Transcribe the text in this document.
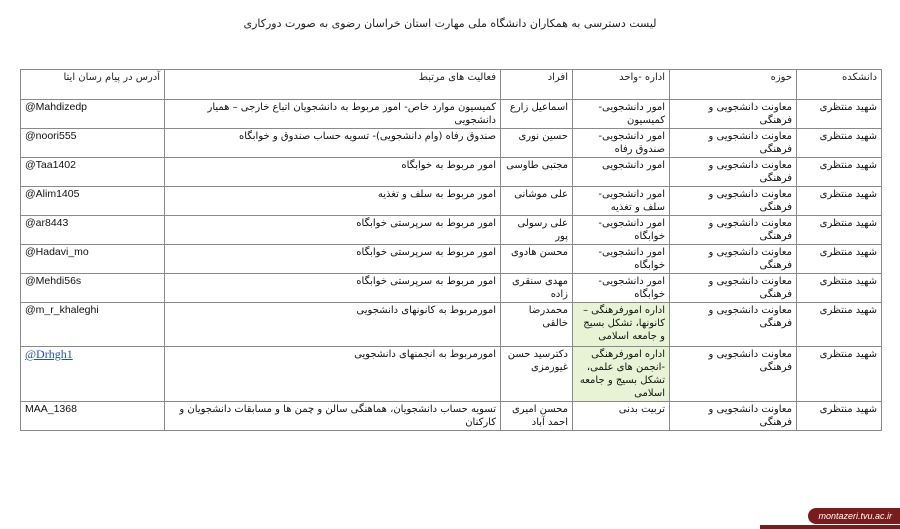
لیست دسترسی به همکاران دانشگاه ملی مهارت استان خراسان رضوی به صورت دورکاری
دانشکده	حوزه	اداره -واحد	افراد	فعالیت های مرتبط	آدرس در پیام رسان ایتا
شهید منتظری	معاونت دانشجویی و فرهنگی	امور دانشجویی- کمیسیون	اسماعیل زارع	کمیسیون موارد خاص- امور مربوط به دانشجویان اتباع خارجی – همیار دانشجویی	@Mahdizedp
شهید منتظری	معاونت دانشجویی و فرهنگی	امور دانشجویی- صندوق رفاه	حسین نوری	صندوق رفاه (وام دانشجویی)- تسویه حساب صندوق و خوابگاه	@noori555
شهید منتظری	معاونت دانشجویی و فرهنگی	امور دانشجویی	مجتبی طاوسی	امور مربوط به خوابگاه	@Taa1402
شهید منتظری	معاونت دانشجویی و فرهنگی	امور دانشجویی- سلف و تغذیه	علی موشانی	امور مربوط به سلف و تغذیه	@Alim1405
شهید منتظری	معاونت دانشجویی و فرهنگی	امور دانشجویی- خوابگاه	علی رسولی پور	امور مربوط به سرپرستی خوابگاه	@ar8443
شهید منتظری	معاونت دانشجویی و فرهنگی	امور دانشجویی- خوابگاه	محسن هادوی	امور مربوط به سرپرستی خوابگاه	@Hadavi_mo
شهید منتظری	معاونت دانشجویی و فرهنگی	امور دانشجویی- خوابگاه	مهدی سنقری زاده	امور مربوط به سرپرستی خوابگاه	@Mehdi56s
شهید منتظری	معاونت دانشجویی و فرهنگی	اداره امورفرهنگی – کانونها، تشکل بسیج و جامعه اسلامی	محمدرضا خالقی	امورمربوط به کانونهای دانشجویی	@m_r_khaleghi
شهید منتظری	معاونت دانشجویی و فرهنگی	اداره امورفرهنگی -انجمن های علمی، تشکل بسیج و جامعه اسلامی	دکترسید حسن غیورمزی	امورمربوط به انجمنهای دانشجویی	@Drhgh1
شهید منتظری	معاونت دانشجویی و فرهنگی	تربیت بدنی	محسن امیری احمد آباد	تسویه حساب دانشجویان، هماهنگی سالن و چمن ها و مسابقات دانشجویان و کارکنان	MAA_1368
montazeri.tvu.ac.ir
